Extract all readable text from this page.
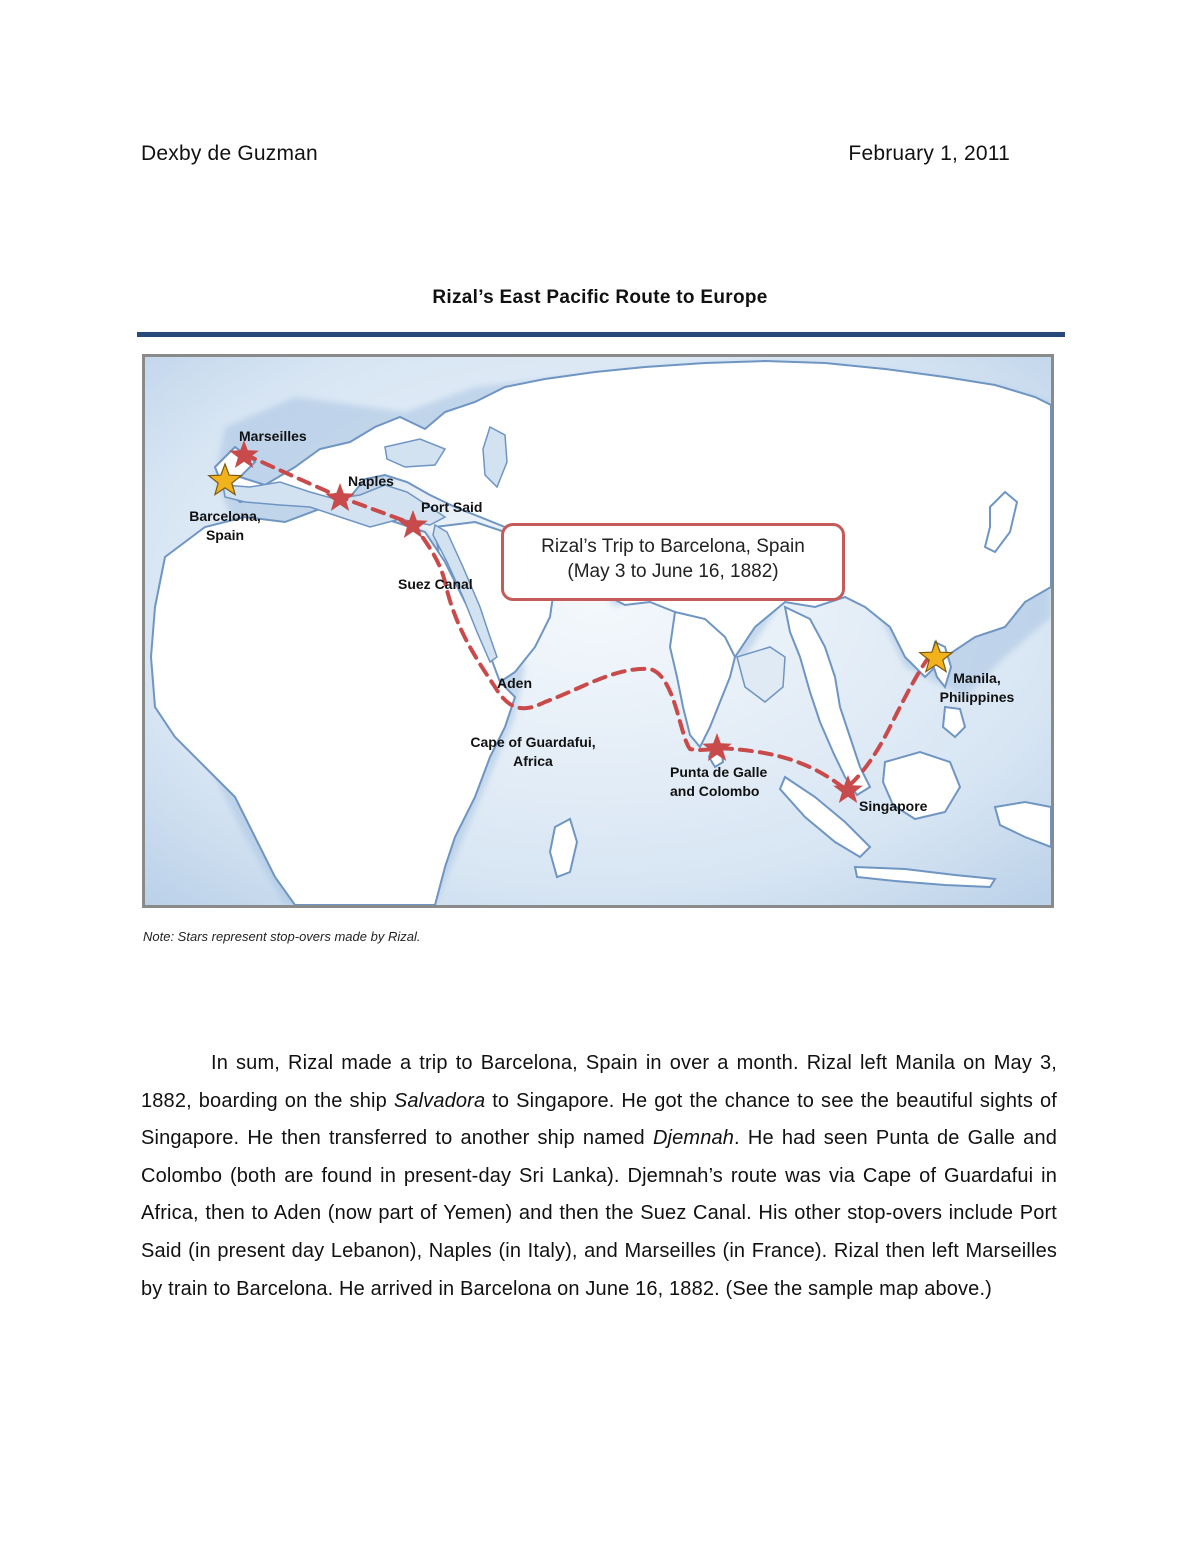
Dexby de Guzman	February 1, 2011
Rizal’s East Pacific Route to Europe
Marseilles
Naples
Port Said
Barcelona,
Spain
Suez Canal
Aden
Cape of Guardafui,
Africa
Punta de Galle
and Colombo
Singapore
Manila,
Philippines
Rizal’s Trip to Barcelona, Spain
(May 3 to June 16, 1882)
Note: Stars represent stop-overs made by Rizal.

In sum, Rizal made a trip to Barcelona, Spain in over a month. Rizal left Manila on May 3, 1882, boarding on the ship Salvadora to Singapore. He got the chance to see the beautiful sights of Singapore. He then transferred to another ship named Djemnah. He had seen Punta de Galle and Colombo (both are found in present-day Sri Lanka). Djemnah’s route was via Cape of Guardafui in Africa, then to Aden (now part of Yemen) and then the Suez Canal. His other stop-overs include Port Said (in present day Lebanon), Naples (in Italy), and Marseilles (in France). Rizal then left Marseilles by train to Barcelona. He arrived in Barcelona on June 16, 1882. (See the sample map above.)
